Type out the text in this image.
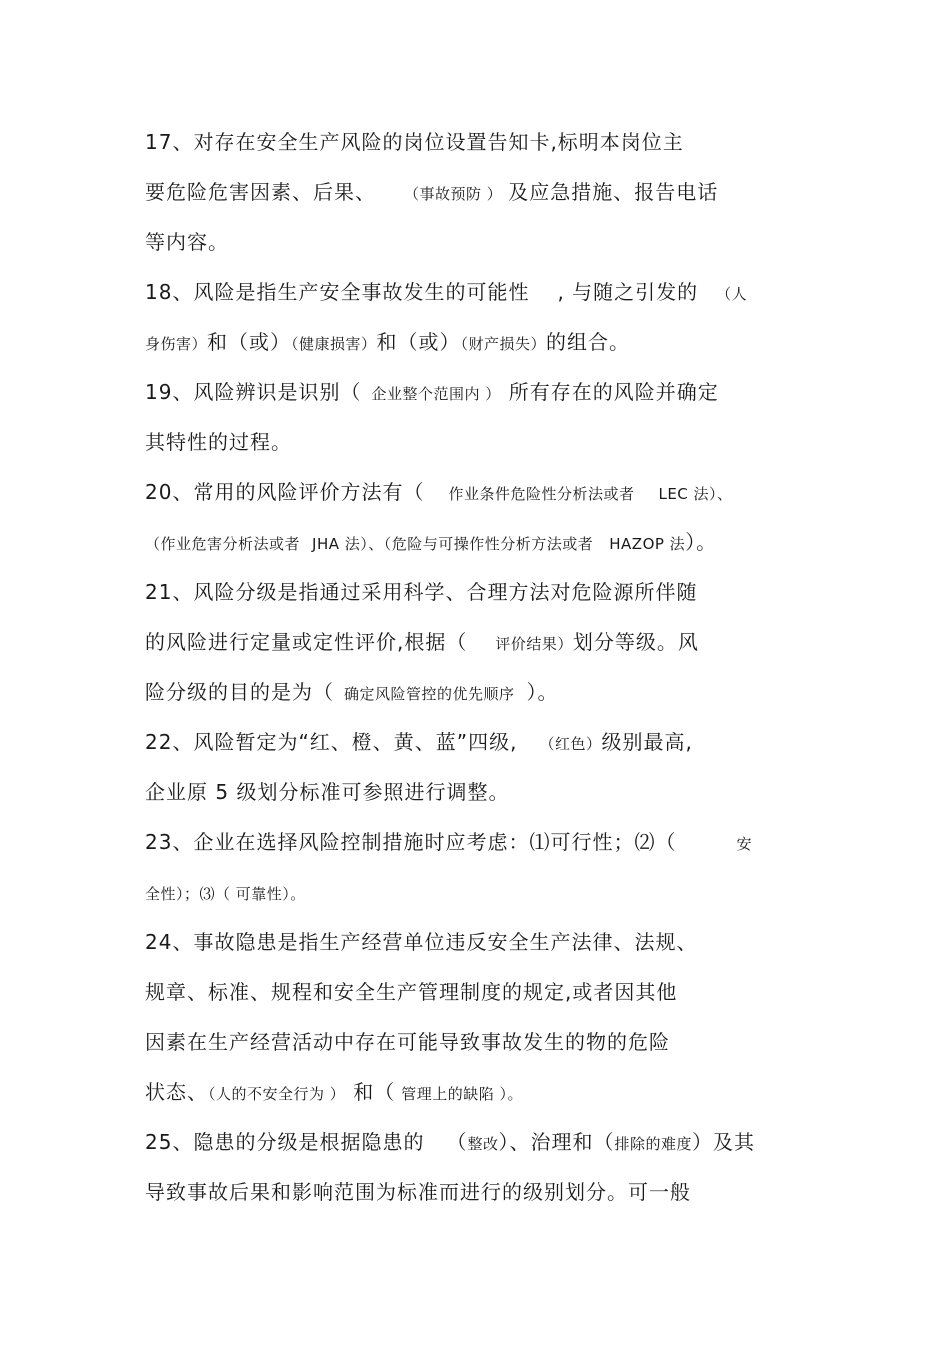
17、对存在安全生产风险的岗位设置告知卡,标明本岗位主
要危险危害因素、后果、 （事故预防 ） 及应急措施、报告电话
等内容。
18、风险是指生产安全事故发生的可能性 , 与随之引发的 （人
身伤害）和（或）（健康损害）和（或）（财产损失）的组合。
19、风险辨识是识别（ 企业整个范围内 ） 所有存在的风险并确定
其特性的过程。
20、常用的风险评价方法有（ 作业条件危险性分析法或者 LEC 法）、
（作业危害分析法或者 JHA 法）、（危险与可操作性分析方法或者 HAZOP 法）。
21、风险分级是指通过采用科学、合理方法对危险源所伴随
的风险进行定量或定性评价,根据（ 评价结果）划分等级。风
险分级的目的是为（ 确定风险管控的优先顺序 ）。
22、风险暂定为“红、橙、黄、蓝”四级, （红色）级别最高,
企业原 5 级划分标准可参照进行调整。
23、企业在选择风险控制措施时应考虑：⑴可行性；⑵（	安
全性）；⑶（ 可靠性）。
24、事故隐患是指生产经营单位违反安全生产法律、法规、
规章、标准、规程和安全生产管理制度的规定,或者因其他
因素在生产经营活动中存在可能导致事故发生的物的危险
状态、（人的不安全行为 ） 和（ 管理上的缺陷 ）。
25、隐患的分级是根据隐患的 （整改）、治理和（排除的难度）及其
导致事故后果和影响范围为标准而进行的级别划分。可一般
